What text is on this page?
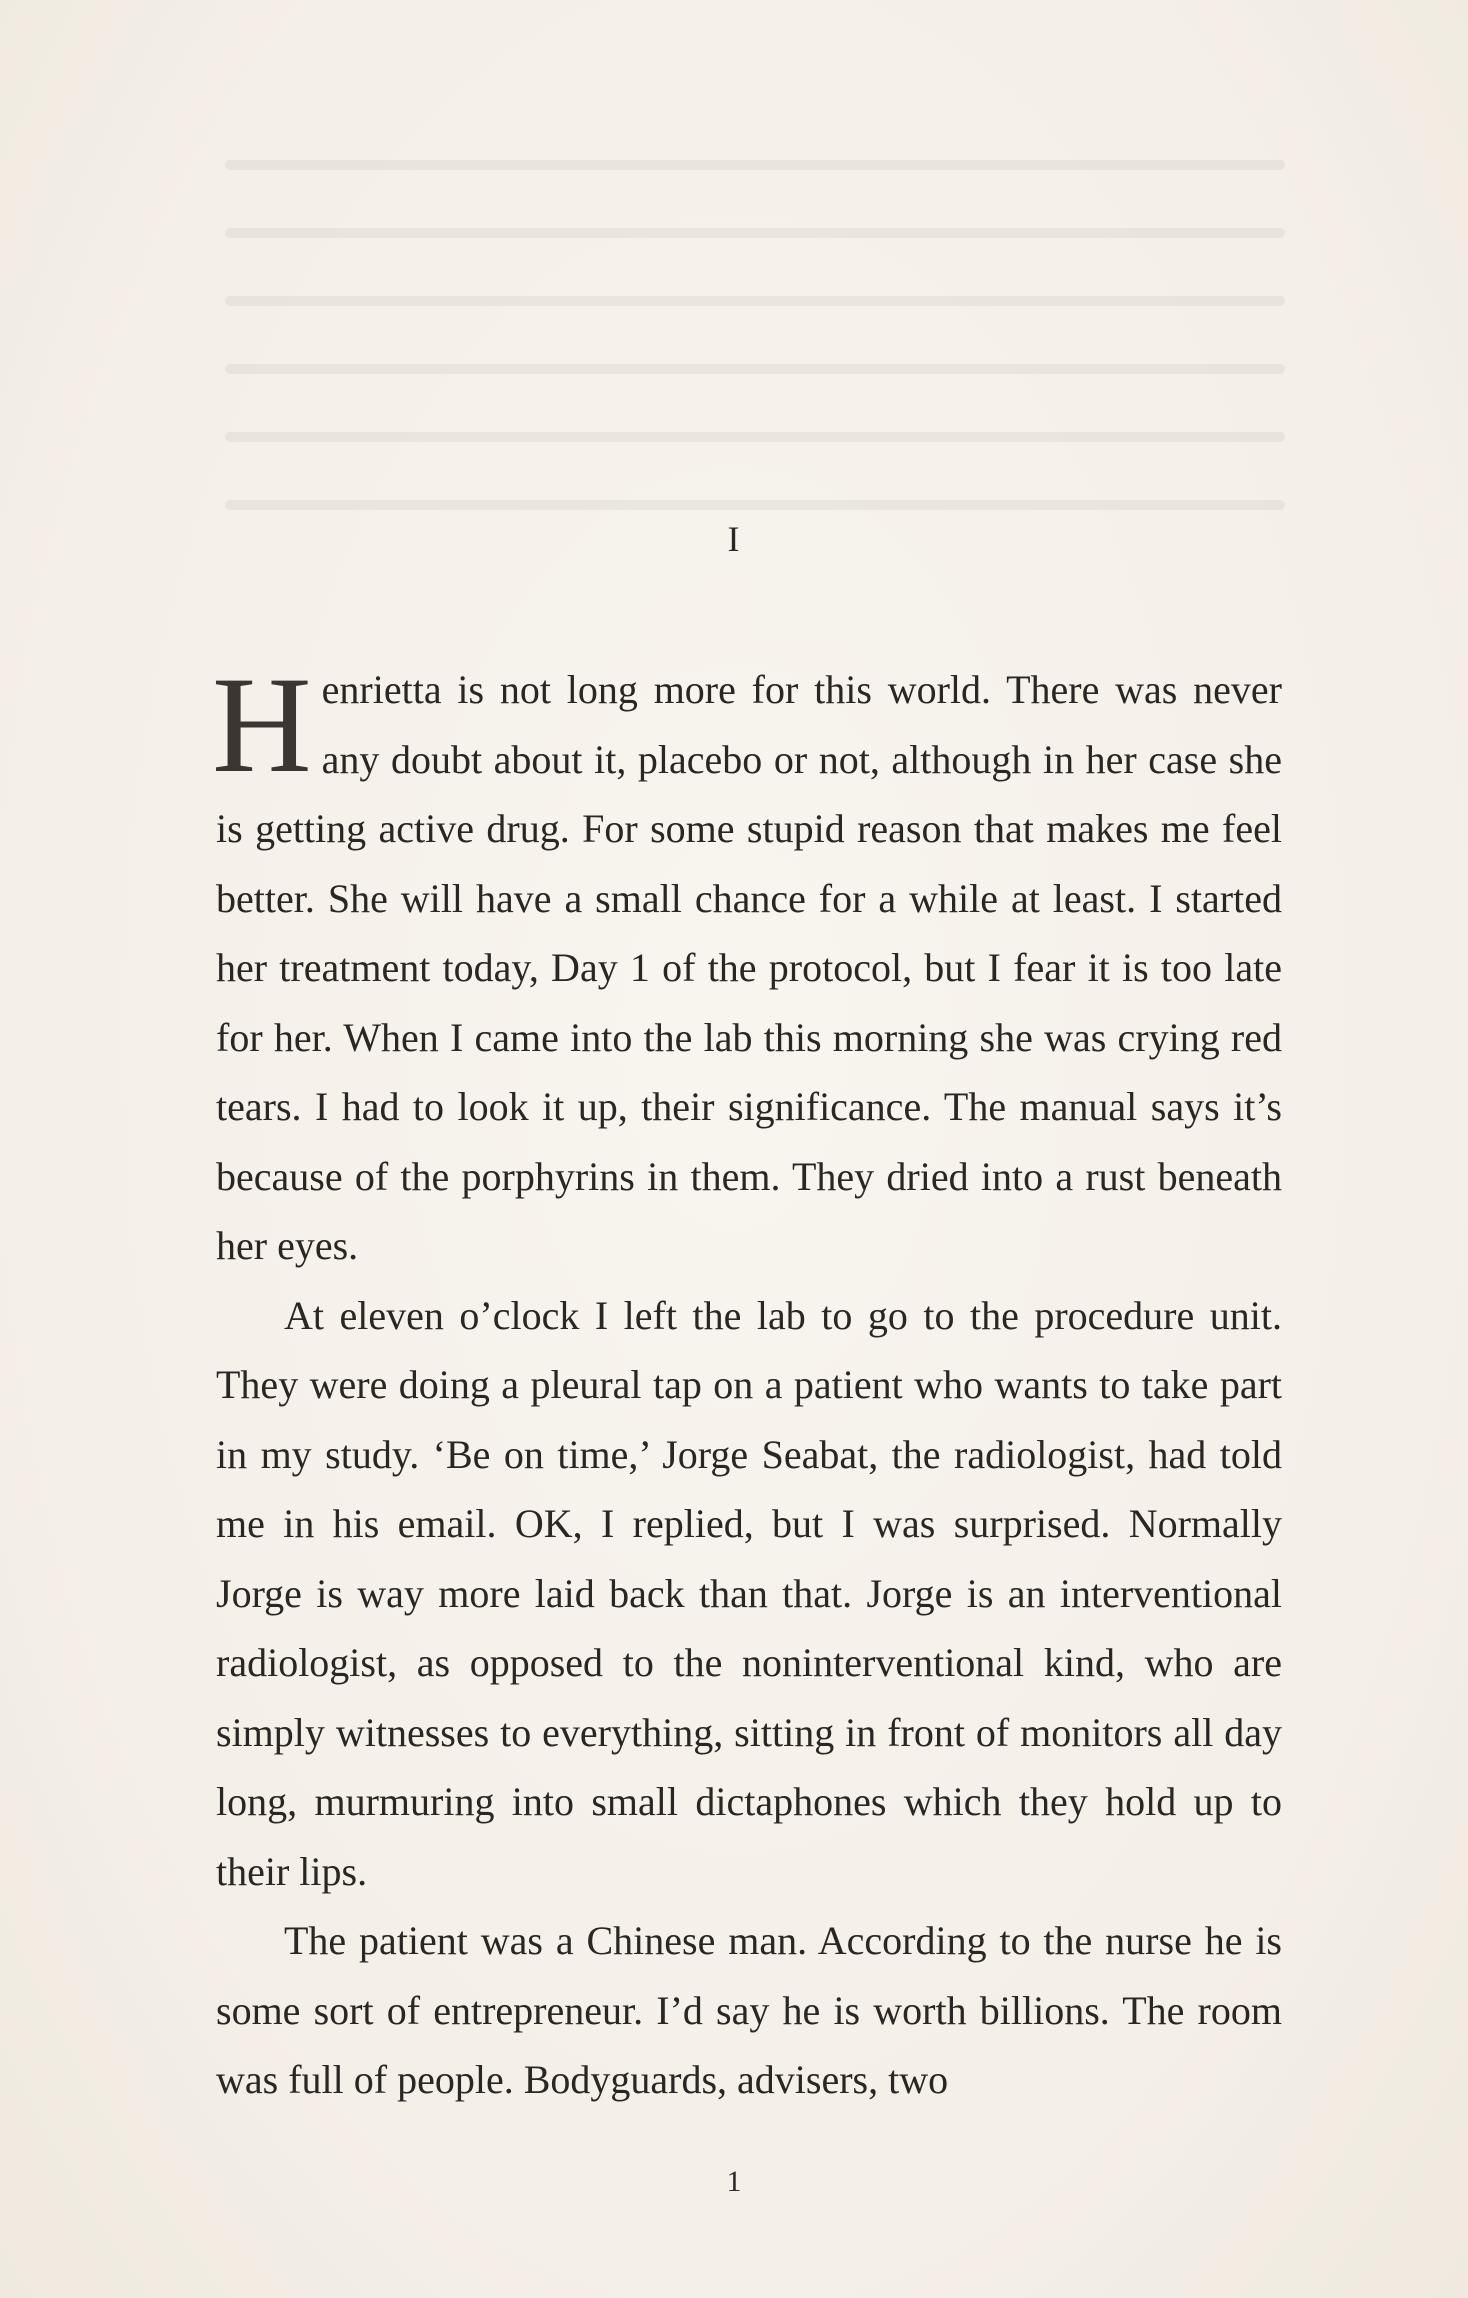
I

Henrietta is not long more for this world. There was never any doubt about it, placebo or not, although in her case she is getting active drug. For some stupid reason that makes me feel better. She will have a small chance for a while at least. I started her treatment today, Day 1 of the protocol, but I fear it is too late for her. When I came into the lab this morning she was crying red tears. I had to look it up, their significance. The manual says it’s because of the porphyrins in them. They dried into a rust beneath her eyes.

At eleven o’clock I left the lab to go to the procedure unit. They were doing a pleural tap on a patient who wants to take part in my study. ‘Be on time,’ Jorge Seabat, the radiologist, had told me in his email. OK, I replied, but I was surprised. Normally Jorge is way more laid back than that. Jorge is an interventional radiologist, as opposed to the noninterventional kind, who are simply witnesses to everything, sitting in front of monitors all day long, murmuring into small dictaphones which they hold up to their lips.

The patient was a Chinese man. According to the nurse he is some sort of entrepreneur. I’d say he is worth billions. The room was full of people. Bodyguards, advisers, two

1
